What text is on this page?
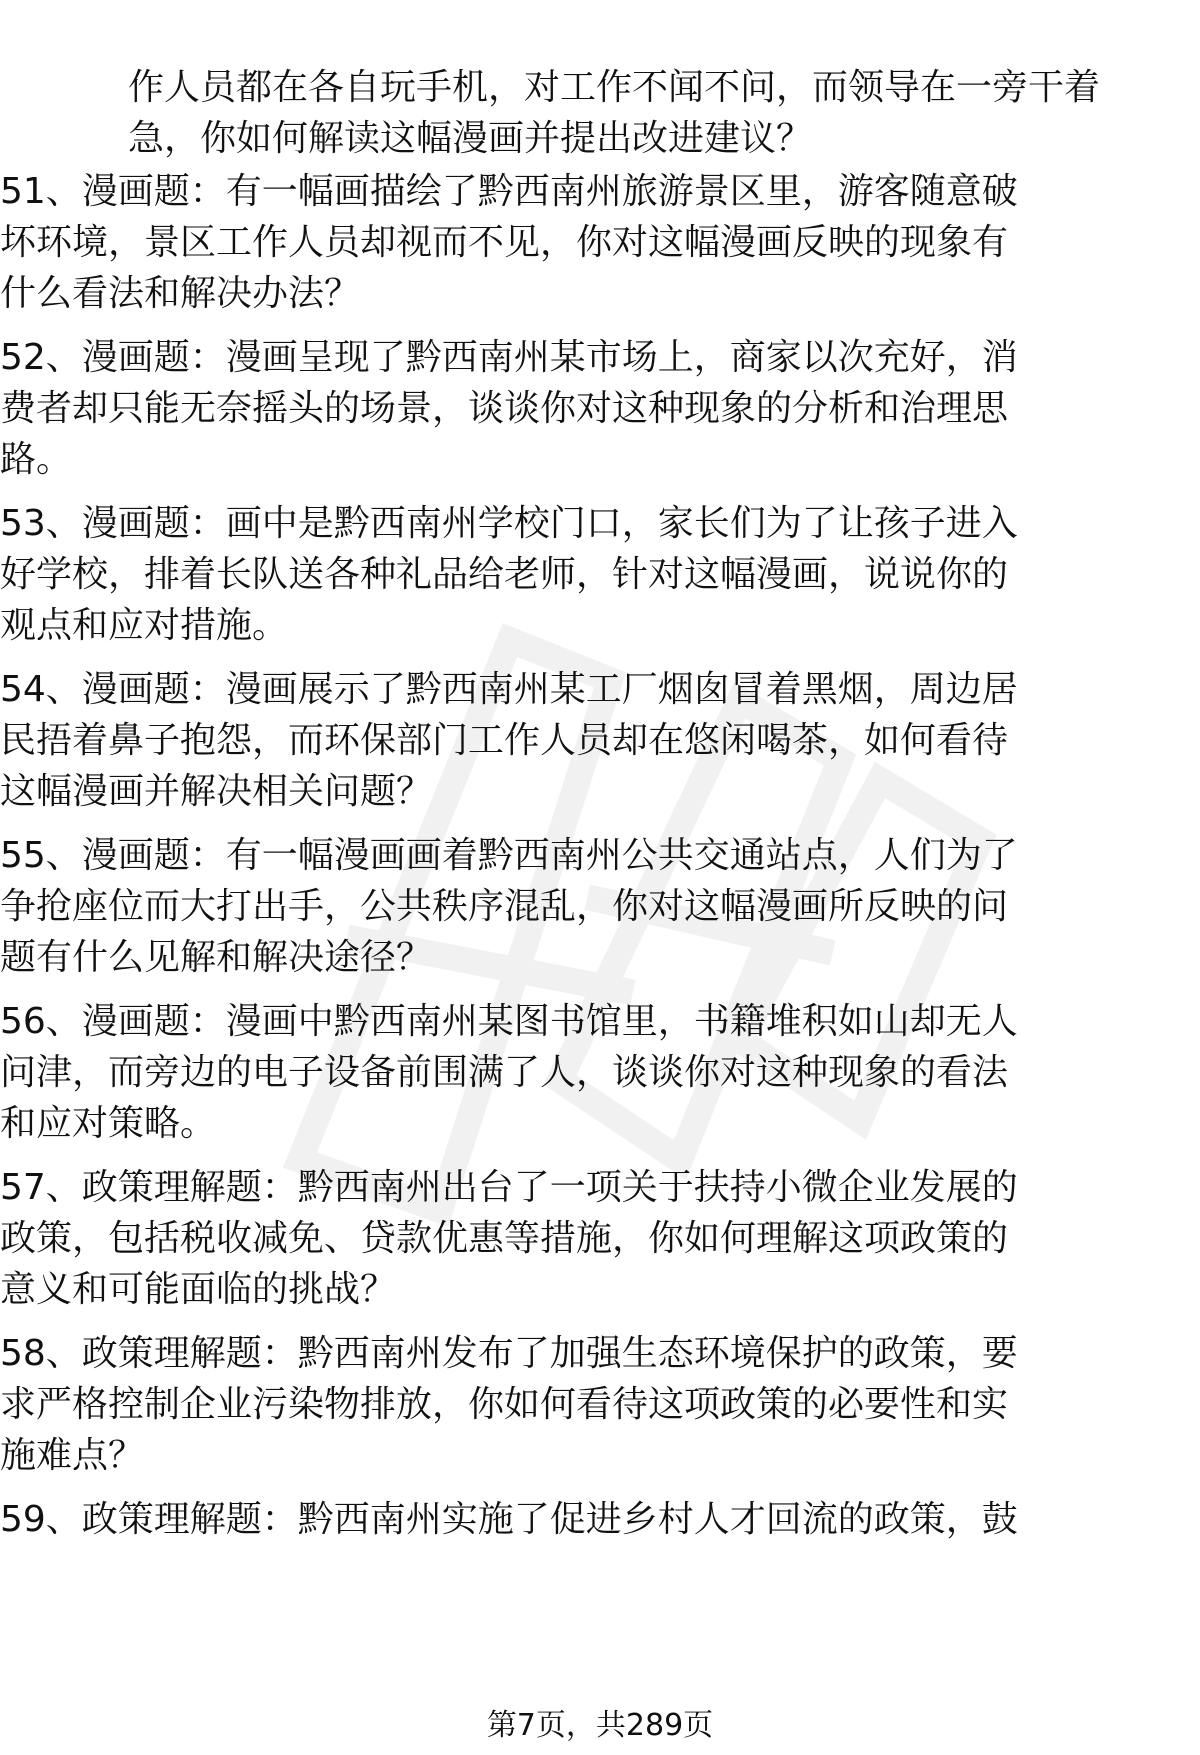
作人员都在各自玩手机，对工作不闻不问，而领导在一旁干着急，你如何解读这幅漫画并提出改进建议？
51、漫画题：有一幅画描绘了黔西南州旅游景区里，游客随意破坏环境，景区工作人员却视而不见，你对这幅漫画反映的现象有什么看法和解决办法？
52、漫画题：漫画呈现了黔西南州某市场上，商家以次充好，消费者却只能无奈摇头的场景，谈谈你对这种现象的分析和治理思路。
53、漫画题：画中是黔西南州学校门口，家长们为了让孩子进入好学校，排着长队送各种礼品给老师，针对这幅漫画，说说你的观点和应对措施。
54、漫画题：漫画展示了黔西南州某工厂烟囱冒着黑烟，周边居民捂着鼻子抱怨，而环保部门工作人员却在悠闲喝茶，如何看待这幅漫画并解决相关问题？
55、漫画题：有一幅漫画画着黔西南州公共交通站点，人们为了争抢座位而大打出手，公共秩序混乱，你对这幅漫画所反映的问题有什么见解和解决途径？
56、漫画题：漫画中黔西南州某图书馆里，书籍堆积如山却无人问津，而旁边的电子设备前围满了人，谈谈你对这种现象的看法和应对策略。
57、政策理解题：黔西南州出台了一项关于扶持小微企业发展的政策，包括税收减免、贷款优惠等措施，你如何理解这项政策的意义和可能面临的挑战？
58、政策理解题：黔西南州发布了加强生态环境保护的政策，要求严格控制企业污染物排放，你如何看待这项政策的必要性和实施难点？
59、政策理解题：黔西南州实施了促进乡村人才回流的政策，鼓
第7页，共289页
